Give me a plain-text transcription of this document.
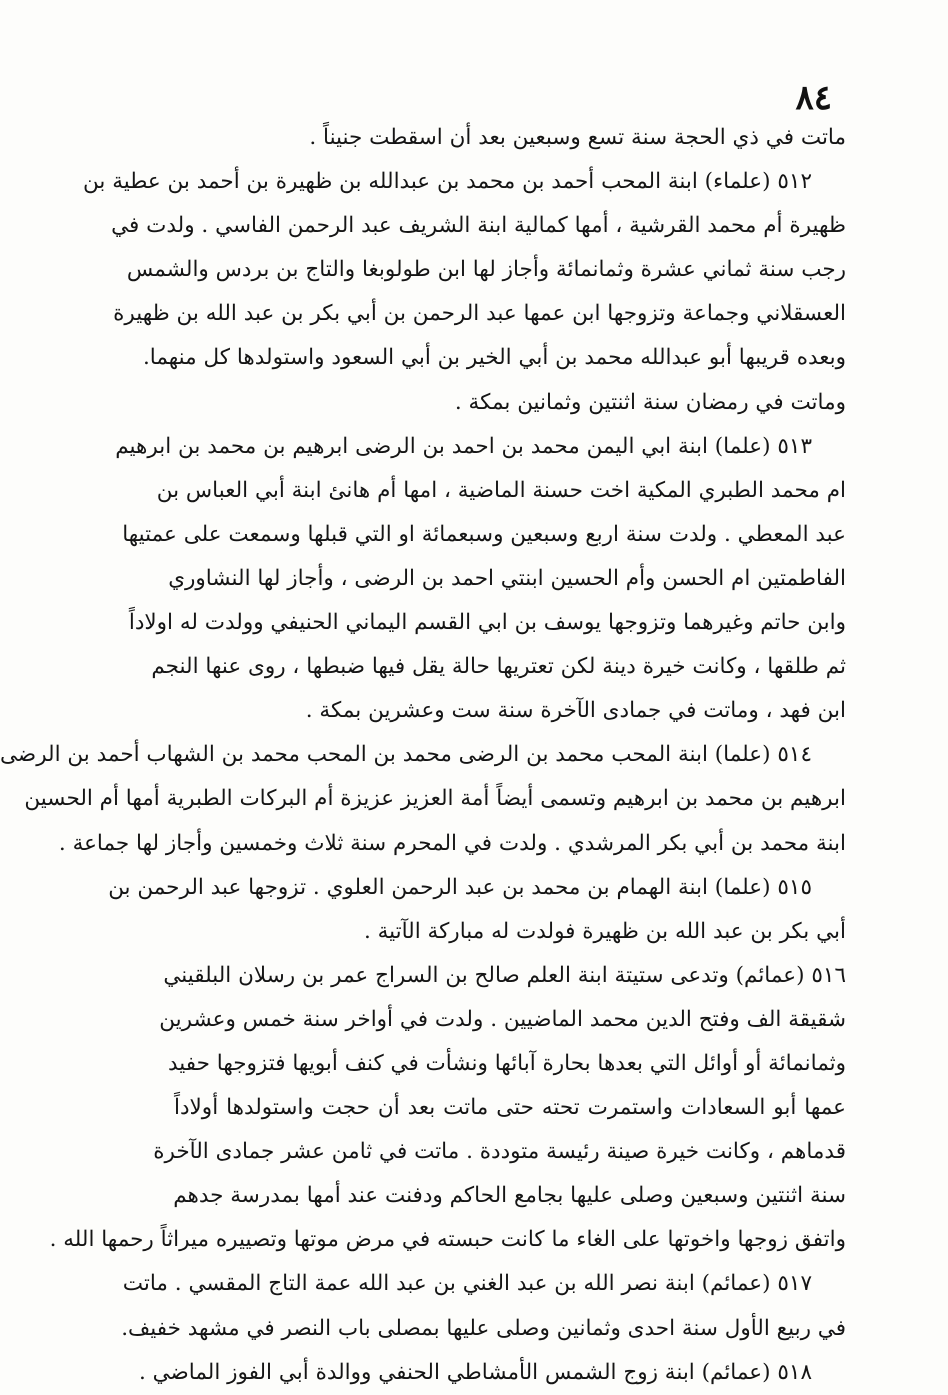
٨٤
ماتت في ذي الحجة سنة تسع وسبعين بعد أن اسقطت جنيناً .
٥١٢ (علماء) ابنة المحب أحمد بن محمد بن عبدالله بن ظهيرة بن أحمد بن عطية بن
ظهيرة أم محمد القرشية ، أمها كمالية ابنة الشريف عبد الرحمن الفاسي . ولدت في
رجب سنة ثماني عشرة وثمانمائة وأجاز لها ابن طولوبغا والتاج بن بردس والشمس
العسقلاني وجماعة وتزوجها ابن عمها عبد الرحمن بن أبي بكر بن عبد الله بن ظهيرة
وبعده قريبها أبو عبدالله محمد بن أبي الخير بن أبي السعود واستولدها كل منهما.
وماتت في رمضان سنة اثنتين وثمانين بمكة .
٥١٣ (علما) ابنة ابي اليمن محمد بن احمد بن الرضى ابرهيم بن محمد بن ابرهيم
ام محمد الطبري المكية اخت حسنة الماضية ، امها أم هانئ ابنة أبي العباس بن
عبد المعطي . ولدت سنة اربع وسبعين وسبعمائة او التي قبلها وسمعت على عمتيها
الفاطمتين ام الحسن وأم الحسين ابنتي احمد بن الرضى ، وأجاز لها النشاوري
وابن حاتم وغيرهما وتزوجها يوسف بن ابي القسم اليماني الحنيفي وولدت له اولاداً
ثم طلقها ، وكانت خيرة دينة لكن تعتريها حالة يقل فيها ضبطها ، روى عنها النجم
ابن فهد ، وماتت في جمادى الآخرة سنة ست وعشرين بمكة .
٥١٤ (علما) ابنة المحب محمد بن الرضى محمد بن المحب محمد بن الشهاب أحمد بن الرضى
ابرهيم بن محمد بن ابرهيم وتسمى أيضاً أمة العزيز عزيزة أم البركات الطبرية أمها أم الحسين
ابنة محمد بن أبي بكر المرشدي . ولدت في المحرم سنة ثلاث وخمسين وأجاز لها جماعة .
٥١٥ (علما) ابنة الهمام بن محمد بن عبد الرحمن العلوي . تزوجها عبد الرحمن بن
أبي بكر بن عبد الله بن ظهيرة فولدت له مباركة الآتية .
٥١٦ (عمائم) وتدعى ستيتة ابنة العلم صالح بن السراج عمر بن رسلان البلقيني
شقيقة الف وفتح الدين محمد الماضيين . ولدت في أواخر سنة خمس وعشرين
وثمانمائة أو أوائل التي بعدها بحارة آبائها ونشأت في كنف أبويها فتزوجها حفيد
عمها أبو السعادات واستمرت تحته حتى ماتت بعد أن حجت واستولدها أولاداً
قدماهم ، وكانت خيرة صينة رئيسة متوددة . ماتت في ثامن عشر جمادى الآخرة
سنة اثنتين وسبعين وصلى عليها بجامع الحاكم ودفنت عند أمها بمدرسة جدهم
واتفق زوجها واخوتها على الغاء ما كانت حبسته في مرض موتها وتصييره ميراثاً رحمها الله .
٥١٧ (عمائم) ابنة نصر الله بن عبد الغني بن عبد الله عمة التاج المقسي . ماتت
في ربيع الأول سنة احدى وثمانين وصلى عليها بمصلى باب النصر في مشهد خفيف.
٥١٨ (عمائم) ابنة زوج الشمس الأمشاطي الحنفي ووالدة أبي الفوز الماضي .
